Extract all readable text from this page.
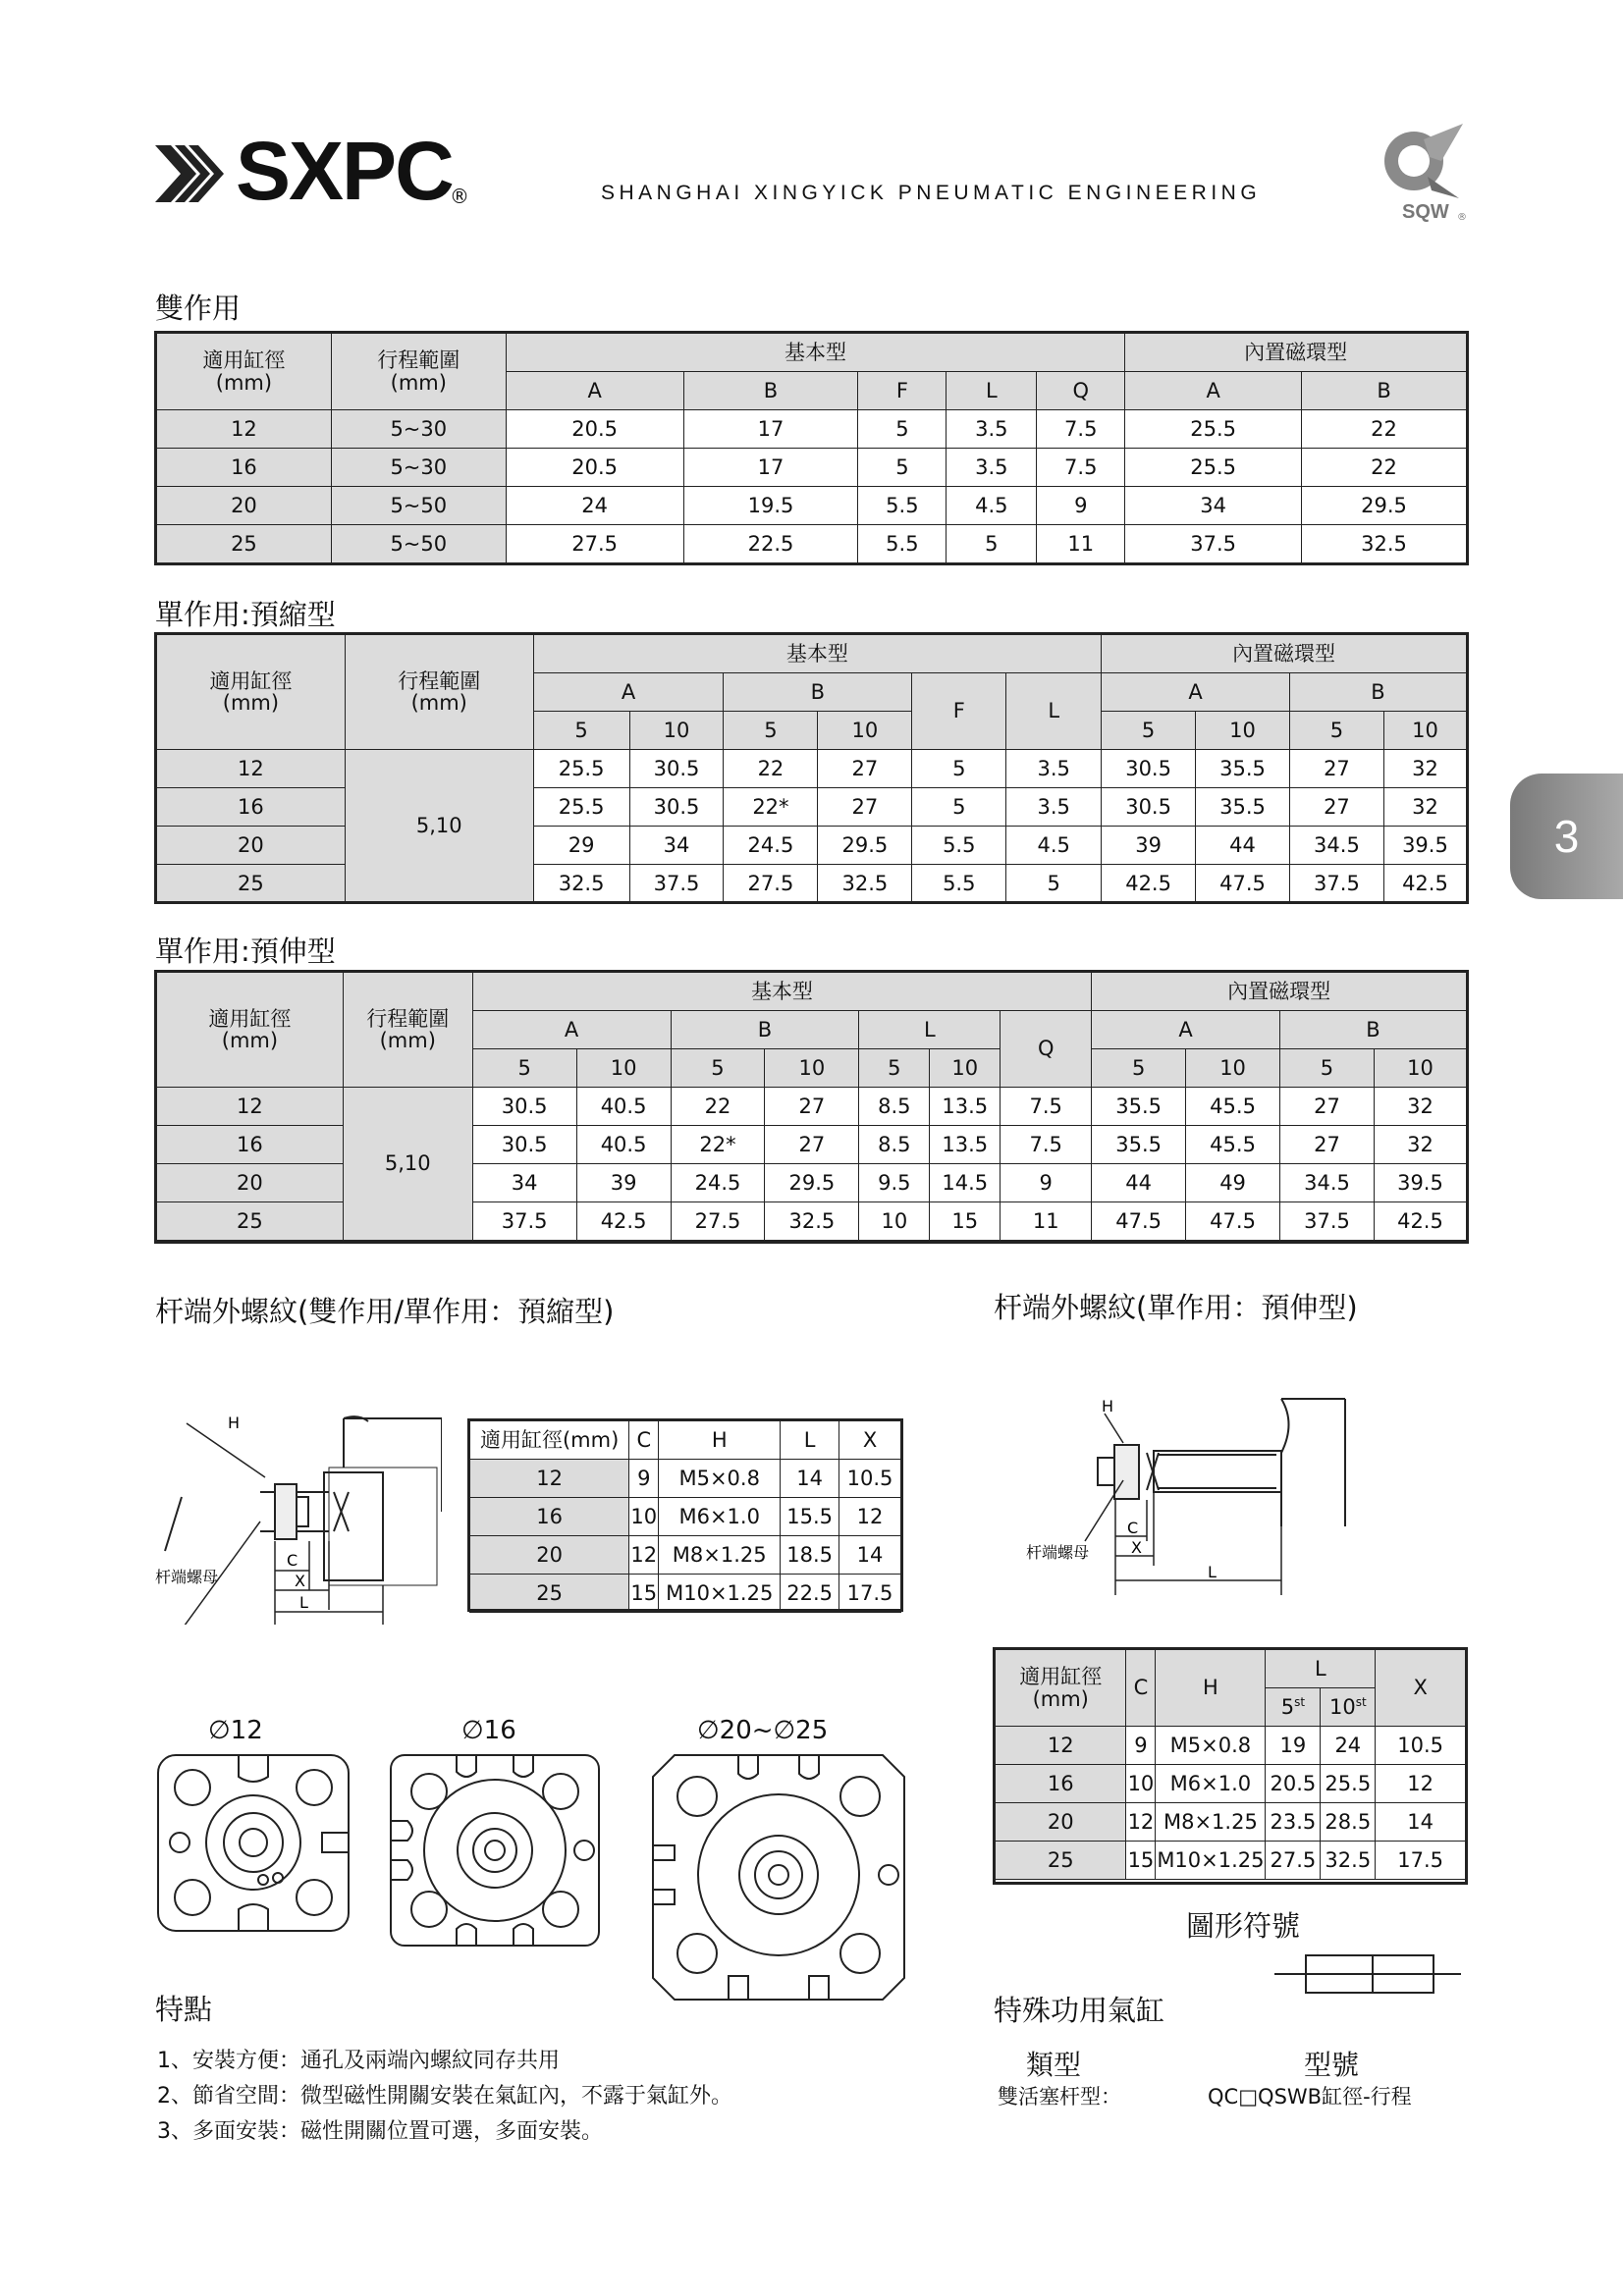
SXPC
®	SHANGHAI XINGYICK PNEUMATIC ENGINEERING
SQW ®
3
雙作用
適用缸徑
(mm)	行程範圍
(mm)	基本型					內置磁環型	
		A	B	F	L	Q	A	B
12	5~30	20.5	17	5	3.5	7.5	25.5	22
16	5~30	20.5	17	5	3.5	7.5	25.5	22
20	5~50	24	19.5	5.5	4.5	9	34	29.5
25	5~50	27.5	22.5	5.5	5	11	37.5	32.5
單作用:預縮型
適用缸徑
(mm)	行程範圍
(mm)	基本型						內置磁環型			
		A		B		F	L	A		B	
		5	10	5	10			5	10	5	10
12	5,10	25.5	30.5	22	27	5	3.5	30.5	35.5	27	32
16		25.5	30.5	22*	27	5	3.5	30.5	35.5	27	32
20		29	34	24.5	29.5	5.5	4.5	39	44	34.5	39.5
25		32.5	37.5	27.5	32.5	5.5	5	42.5	47.5	37.5	42.5
單作用:預伸型
適用缸徑
(mm)	行程範圍
(mm)	基本型							內置磁環型			
		A		B		L		Q	A		B	
		5	10	5	10	5	10		5	10	5	10
12	5,10	30.5	40.5	22	27	8.5	13.5	7.5	35.5	45.5	27	32
16		30.5	40.5	22*	27	8.5	13.5	7.5	35.5	45.5	27	32
20		34	39	24.5	29.5	9.5	14.5	9	44	49	34.5	39.5
25		37.5	42.5	27.5	32.5	10	15	11	47.5	47.5	37.5	42.5
杆端外螺紋(雙作用/單作用：預縮型)
H
C
X
L
杆端螺母
適用缸徑(mm)	C	H	L	X
12	9	M5×0.8	14	10.5
16	10	M6×1.0	15.5	12
20	12	M8×1.25	18.5	14
25	15	M10×1.25	22.5	17.5
杆端外螺紋(單作用：預伸型)
H
C
X
L
杆端螺母
適用缸徑
(mm)	C	H	L		X
			5st	10st
12	9	M5×0.8	19	24	10.5
16	10	M6×1.0	20.5	25.5	12
20	12	M8×1.25	23.5	28.5	14
25	15	M10×1.25	27.5	32.5	17.5
∅12	∅16	∅20~∅25
特點
1、安裝方便：通孔及兩端內螺紋同存共用
2、節省空間：微型磁性開關安裝在氣缸內，不露于氣缸外。
3、多面安裝：磁性開關位置可選，多面安裝。
圖形符號
特殊功用氣缸
類型	型號
雙活塞杆型：	QC□QSWB缸徑-行程
